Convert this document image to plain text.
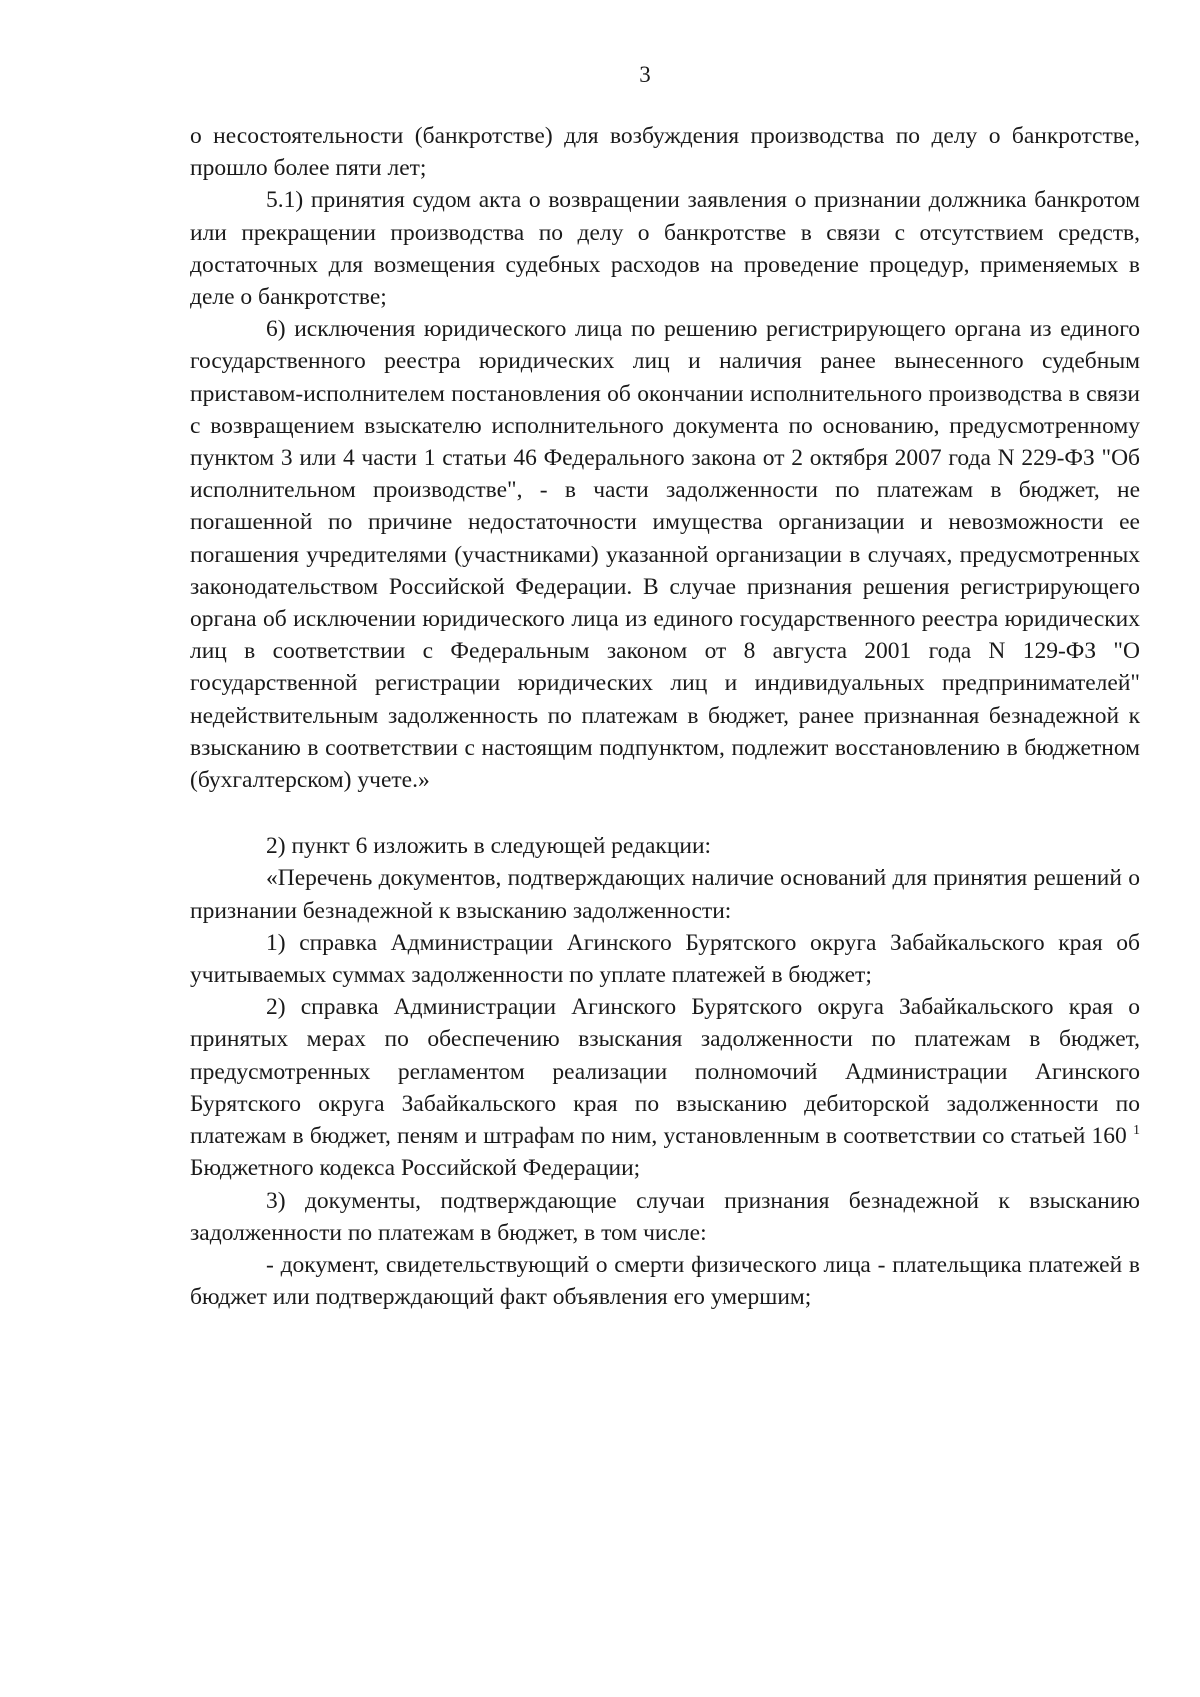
3

о несостоятельности (банкротстве) для возбуждения производства по делу о банкротстве, прошло более пяти лет;

5.1) принятия судом акта о возвращении заявления о признании должника банкротом или прекращении производства по делу о банкротстве в связи с отсутствием средств, достаточных для возмещения судебных расходов на проведение процедур, применяемых в деле о банкротстве;

6) исключения юридического лица по решению регистрирующего органа из единого государственного реестра юридических лиц и наличия ранее вынесенного судебным приставом-исполнителем постановления об окончании исполнительного производства в связи с возвращением взыскателю исполнительного документа по основанию, предусмотренному пунктом 3 или 4 части 1 статьи 46 Федерального закона от 2 октября 2007 года N 229-ФЗ "Об исполнительном производстве", - в части задолженности по платежам в бюджет, не погашенной по причине недостаточности имущества организации и невозможности ее погашения учредителями (участниками) указанной организации в случаях, предусмотренных законодательством Российской Федерации. В случае признания решения регистрирующего органа об исключении юридического лица из единого государственного реестра юридических лиц в соответствии с Федеральным законом от 8 августа 2001 года N 129-ФЗ "О государственной регистрации юридических лиц и индивидуальных предпринимателей" недействительным задолженность по платежам в бюджет, ранее признанная безнадежной к взысканию в соответствии с настоящим подпунктом, подлежит восстановлению в бюджетном (бухгалтерском) учете.»

2) пункт 6 изложить в следующей редакции:

«Перечень документов, подтверждающих наличие оснований для принятия решений о признании безнадежной к взысканию задолженности:

1) справка Администрации Агинского Бурятского округа Забайкальского края об учитываемых суммах задолженности по уплате платежей в бюджет;

2) справка Администрации Агинского Бурятского округа Забайкальского края о принятых мерах по обеспечению взыскания задолженности по платежам в бюджет, предусмотренных регламентом реализации полномочий Администрации Агинского Бурятского округа Забайкальского края по взысканию дебиторской задолженности по платежам в бюджет, пеням и штрафам по ним, установленным в соответствии со статьей 160 $^1$ Бюджетного кодекса Российской Федерации;

3) документы, подтверждающие случаи признания безнадежной к взысканию задолженности по платежам в бюджет, в том числе:

- документ, свидетельствующий о смерти физического лица - плательщика платежей в бюджет или подтверждающий факт объявления его умершим;
